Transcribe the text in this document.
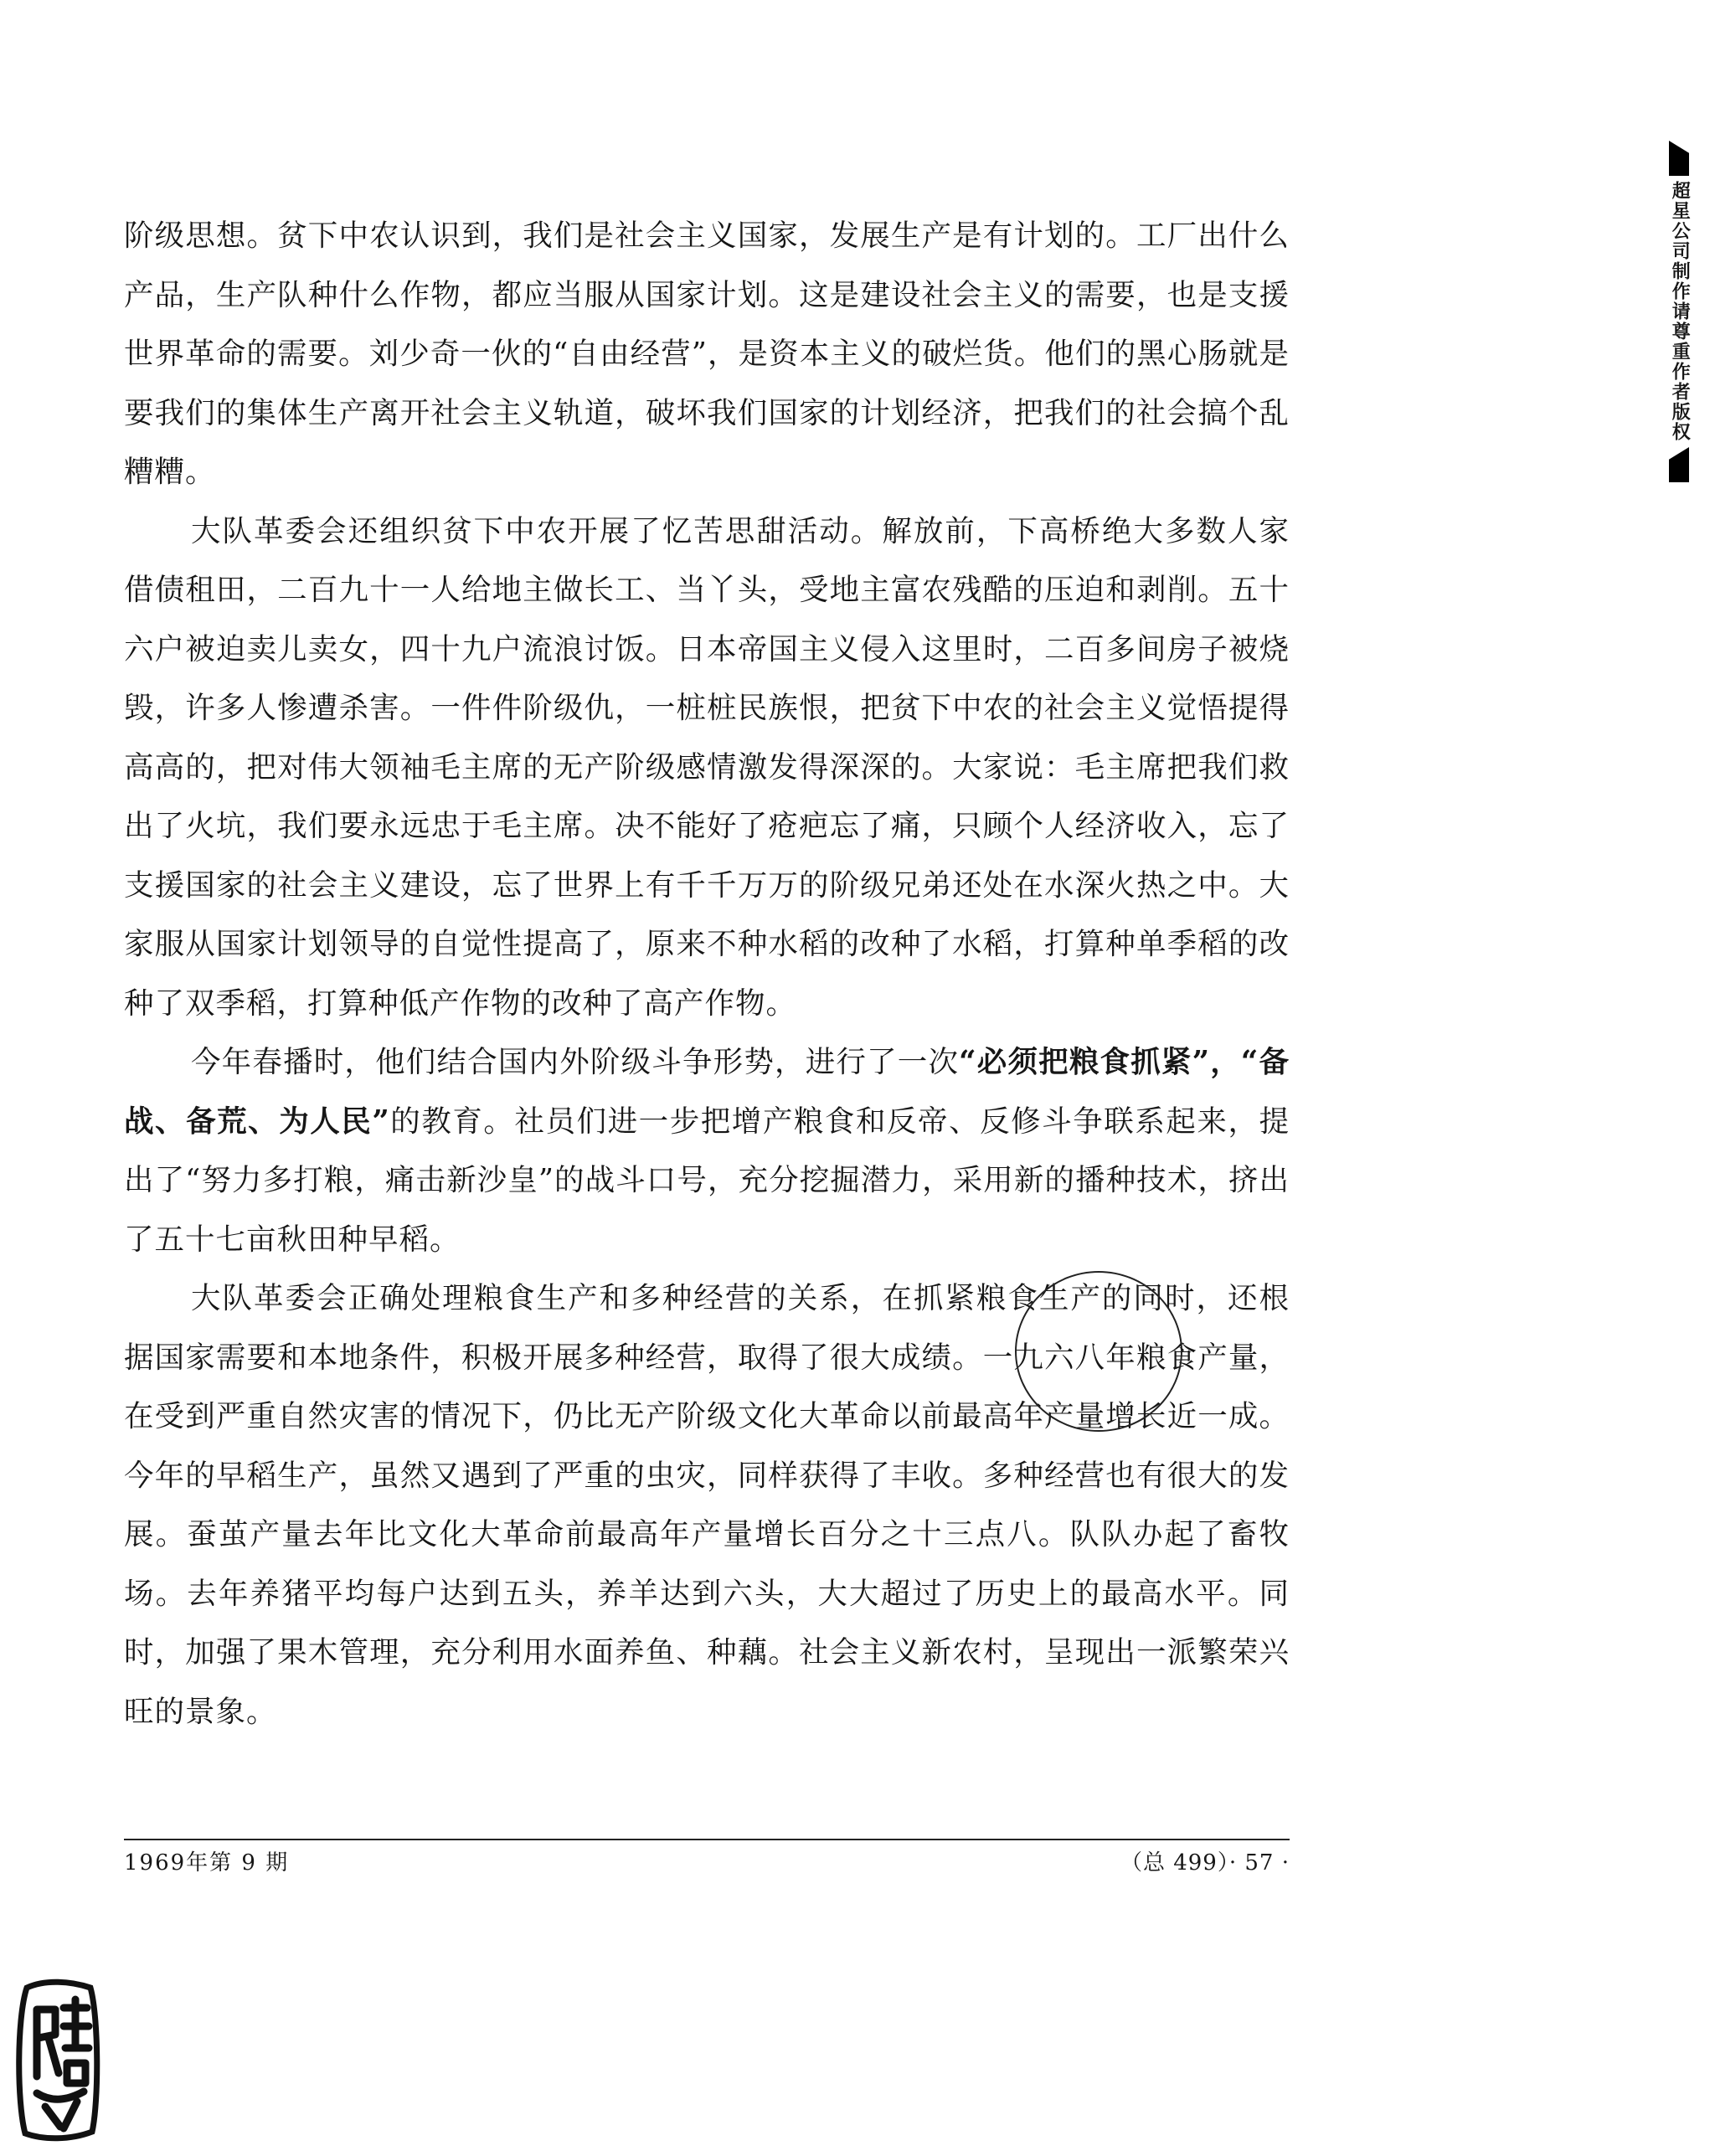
阶级思想。贫下中农认识到，我们是社会主义国家，发展生产是有计划的。工厂出什么产品，生产队种什么作物，都应当服从国家计划。这是建设社会主义的需要，也是支援世界革命的需要。刘少奇一伙的“自由经营”，是资本主义的破烂货。他们的黑心肠就是要我们的集体生产离开社会主义轨道，破坏我们国家的计划经济，把我们的社会搞个乱糟糟。

大队革委会还组织贫下中农开展了忆苦思甜活动。解放前，下高桥绝大多数人家借债租田，二百九十一人给地主做长工、当丫头，受地主富农残酷的压迫和剥削。五十六户被迫卖儿卖女，四十九户流浪讨饭。日本帝国主义侵入这里时，二百多间房子被烧毁，许多人惨遭杀害。一件件阶级仇，一桩桩民族恨，把贫下中农的社会主义觉悟提得高高的，把对伟大领袖毛主席的无产阶级感情激发得深深的。大家说：毛主席把我们救出了火坑，我们要永远忠于毛主席。决不能好了疮疤忘了痛，只顾个人经济收入，忘了支援国家的社会主义建设，忘了世界上有千千万万的阶级兄弟还处在水深火热之中。大家服从国家计划领导的自觉性提高了，原来不种水稻的改种了水稻，打算种单季稻的改种了双季稻，打算种低产作物的改种了高产作物。

今年春播时，他们结合国内外阶级斗争形势，进行了一次“必须把粮食抓紧”，“备战、备荒、为人民”的教育。社员们进一步把增产粮食和反帝、反修斗争联系起来，提出了“努力多打粮，痛击新沙皇”的战斗口号，充分挖掘潜力，采用新的播种技术，挤出了五十七亩秋田种早稻。

大队革委会正确处理粮食生产和多种经营的关系，在抓紧粮食生产的同时，还根据国家需要和本地条件，积极开展多种经营，取得了很大成绩。一九六八年粮食产量，在受到严重自然灾害的情况下，仍比无产阶级文化大革命以前最高年产量增长近一成。今年的早稻生产，虽然又遇到了严重的虫灾，同样获得了丰收。多种经营也有很大的发展。蚕茧产量去年比文化大革命前最高年产量增长百分之十三点八。队队办起了畜牧场。去年养猪平均每户达到五头，养羊达到六头，大大超过了历史上的最高水平。同时，加强了果木管理，充分利用水面养鱼、种藕。社会主义新农村，呈现出一派繁荣兴旺的景象。

1969年第 9 期	（总 499）· 57 ·
超星公司制作请尊重作者版权
